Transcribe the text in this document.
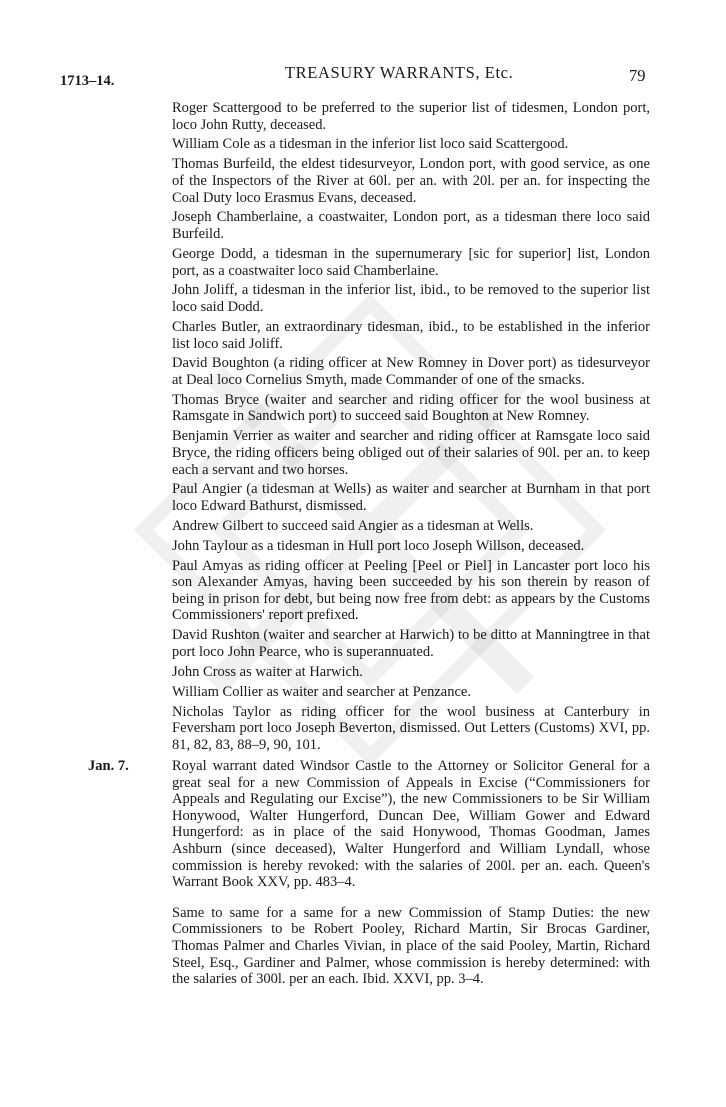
1713–14.	TREASURY WARRANTS, Etc.	79

Roger Scattergood to be preferred to the superior list of tidesmen, London port, loco John Rutty, deceased.

William Cole as a tidesman in the inferior list loco said Scattergood.

Thomas Burfeild, the eldest tidesurveyor, London port, with good service, as one of the Inspectors of the River at 60l. per an. with 20l. per an. for inspecting the Coal Duty loco Erasmus Evans, deceased.

Joseph Chamberlaine, a coastwaiter, London port, as a tidesman there loco said Burfeild.

George Dodd, a tidesman in the supernumerary [sic for superior] list, London port, as a coastwaiter loco said Chamberlaine.

John Joliff, a tidesman in the inferior list, ibid., to be removed to the superior list loco said Dodd.

Charles Butler, an extraordinary tidesman, ibid., to be established in the inferior list loco said Joliff.

David Boughton (a riding officer at New Romney in Dover port) as tidesurveyor at Deal loco Cornelius Smyth, made Commander of one of the smacks.

Thomas Bryce (waiter and searcher and riding officer for the wool business at Ramsgate in Sandwich port) to succeed said Boughton at New Romney.

Benjamin Verrier as waiter and searcher and riding officer at Ramsgate loco said Bryce, the riding officers being obliged out of their salaries of 90l. per an. to keep each a servant and two horses.

Paul Angier (a tidesman at Wells) as waiter and searcher at Burnham in that port loco Edward Bathurst, dismissed.

Andrew Gilbert to succeed said Angier as a tidesman at Wells.

John Taylour as a tidesman in Hull port loco Joseph Willson, deceased.

Paul Amyas as riding officer at Peeling [Peel or Piel] in Lancaster port loco his son Alexander Amyas, having been succeeded by his son therein by reason of being in prison for debt, but being now free from debt: as appears by the Customs Commissioners' report prefixed.

David Rushton (waiter and searcher at Harwich) to be ditto at Manningtree in that port loco John Pearce, who is superannuated.

John Cross as waiter at Harwich.

William Collier as waiter and searcher at Penzance.

Nicholas Taylor as riding officer for the wool business at Canterbury in Feversham port loco Joseph Beverton, dismissed. Out Letters (Customs) XVI, pp. 81, 82, 83, 88–9, 90, 101.

Jan. 7.	Royal warrant dated Windsor Castle to the Attorney or Solicitor General for a great seal for a new Commission of Appeals in Excise (“Commissioners for Appeals and Regulating our Excise”), the new Commissioners to be Sir William Honywood, Walter Hungerford, Duncan Dee, William Gower and Edward Hungerford: as in place of the said Honywood, Thomas Goodman, James Ashburn (since deceased), Walter Hungerford and William Lyndall, whose commission is hereby revoked: with the salaries of 200l. per an. each. Queen's Warrant Book XXV, pp. 483–4.

Same to same for a same for a new Commission of Stamp Duties: the new Commissioners to be Robert Pooley, Richard Martin, Sir Brocas Gardiner, Thomas Palmer and Charles Vivian, in place of the said Pooley, Martin, Richard Steel, Esq., Gardiner and Palmer, whose commission is hereby determined: with the salaries of 300l. per an each. Ibid. XXVI, pp. 3–4.
